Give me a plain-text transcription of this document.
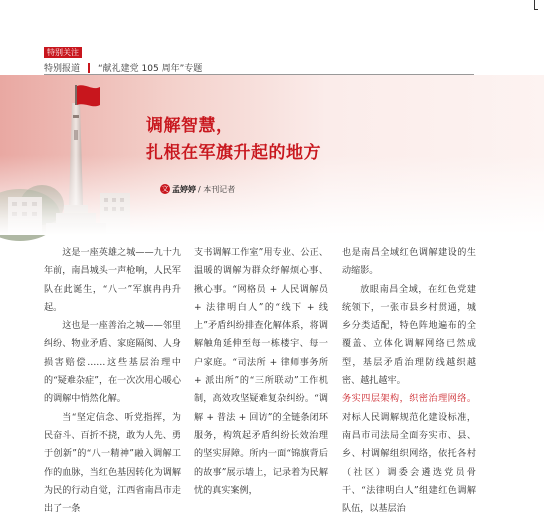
特别关注
特别报道 “献礼建党 105 周年”专题
调解智慧，
扎根在军旗升起的地方
文 孟婷婷 / 本刊记者

这是一座英雄之城——九十九年前，南昌城头一声枪响，人民军队在此诞生，“八一”军旗冉冉升起。

这也是一座善治之城——邻里纠纷、物业矛盾、家庭隔阂、人身损害赔偿……这些基层治理中的“疑难杂症”，在一次次用心暖心的调解中悄然化解。

当“坚定信念、听党指挥，为民奋斗、百折不挠，敢为人先、勇于创新”的“八一精神”融入调解工作的血脉，当红色基因转化为调解为民的行动自觉，江西省南昌市走出了一条

支书调解工作室”用专业、公正、温暖的调解为群众纾解烦心事、揪心事。“网格员 + 人民调解员 + 法律明白人”的“线下 + 线上”矛盾纠纷排查化解体系，将调解触角延伸至每一栋楼宇、每一户家庭。“司法所 + 律师事务所 + 派出所”的“三所联动”工作机制，高效攻坚疑难复杂纠纷。“调解 + 普法 + 回访”的全链条闭环服务，构筑起矛盾纠纷长效治理的坚实屏障。所内一面“锦旗背后的故事”展示墙上，记录着为民解忧的真实案例，

也是南昌全域红色调解建设的生动缩影。

放眼南昌全域，在红色党建统领下，一张市县乡村贯通，城乡分类适配，特色阵地遍布的全覆盖、立体化调解网络已然成型，基层矛盾治理防线越织越密、越扎越牢。

务实四层架构，织密治理网络。对标人民调解规范化建设标准，南昌市司法局全面夯实市、县、乡、村调解组织网络，依托各村（社区）调委会遴选党员骨干、“法律明白人”组建红色调解队伍，以基层治
